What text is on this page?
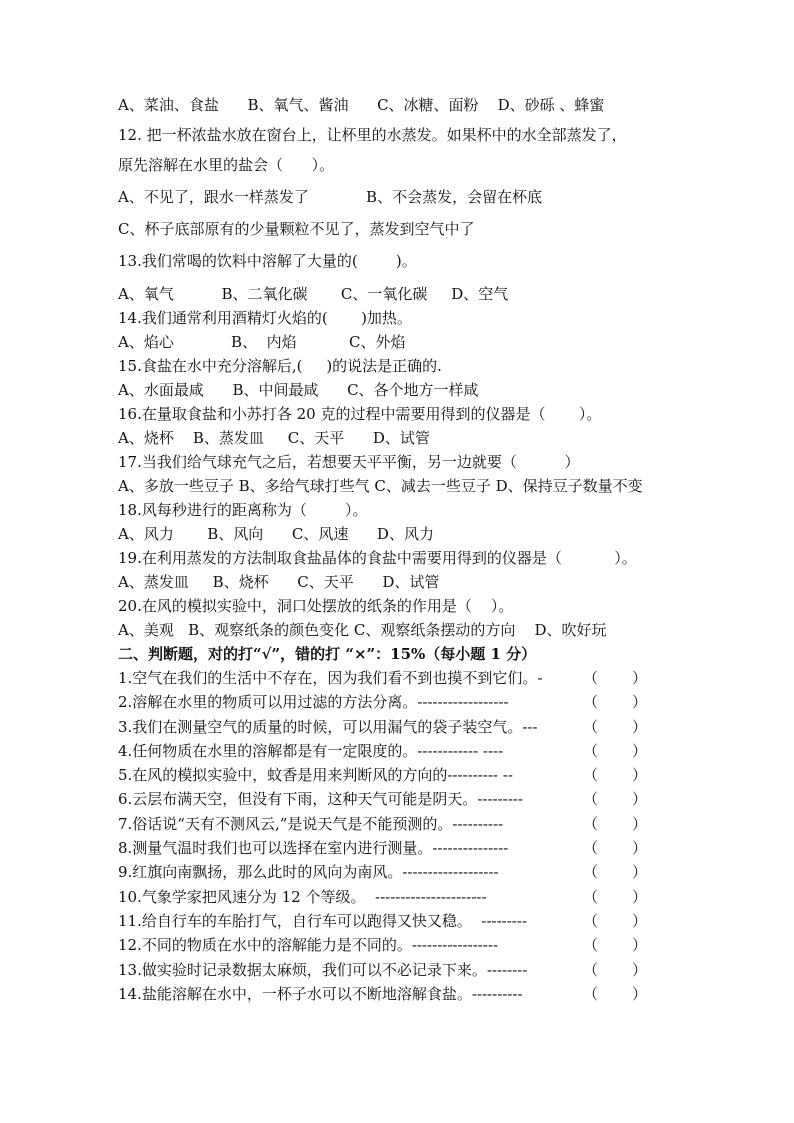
A、菜油、食盐      B、氧气、酱油      C、冰糖、面粉    D、砂砾 、蜂蜜
12. 把一杯浓盐水放在窗台上，让杯里的水蒸发。如果杯中的水全部蒸发了，
原先溶解在水里的盐会（      ）。
A、不见了，跟水一样蒸发了            B、不会蒸发，会留在杯底
C、杯子底部原有的少量颗粒不见了，蒸发到空气中了
13.我们常喝的饮料中溶解了大量的(        )。
A、氧气          B、二氧化碳       C、一氧化碳     D、空气
14.我们通常利用酒精灯火焰的(       )加热。
A、焰心            B、  内焰           C、外焰
15.食盐在水中充分溶解后,(     )的说法是正确的.
A、水面最咸      B、中间最咸      C、各个地方一样咸
16.在量取食盐和小苏打各 20 克的过程中需要用得到的仪器是（       ）。
A、烧杯    B、蒸发皿     C、天平      D、试管
17.当我们给气球充气之后，若想要天平平衡，另一边就要（          ）
A、多放一些豆子 B、多给气球打些气 C、减去一些豆子 D、保持豆子数量不变
18.风每秒进行的距离称为（        ）。
A、风力       B、风向      C、风速      D、风力
19.在利用蒸发的方法制取食盐晶体的食盐中需要用得到的仪器是（           ）。
A、蒸发皿     B、烧杯      C、天平      D、试管
20.在风的模拟实验中，洞口处摆放的纸条的作用是（    ）。
A、美观   B、观察纸条的颜色变化 C、观察纸条摆动的方向    D、吹好玩
二、判断题，对的打“√”，错的打 “×”：15%（每小题 1 分）
1.空气在我们的生活中不存在，因为我们看不到也摸不到它们。-	（ ）
2.溶解在水里的物质可以用过滤的方法分离。------------------	（ ）
3.我们在测量空气的质量的时候，可以用漏气的袋子装空气。---	（ ）
4.任何物质在水里的溶解都是有一定限度的。------------ ----	（ ）
5.在风的模拟实验中，蚊香是用来判断风的方向的---------- --	（ ）
6.云层布满天空，但没有下雨，这种天气可能是阴天。---------	（ ）
7.俗话说“天有不测风云,”是说天气是不能预测的。----------	（ ）
8.测量气温时我们也可以选择在室内进行测量。---------------	（ ）
9.红旗向南飘扬，那么此时的风向为南风。-------------------	（ ）
10.气象学家把风速分为 12 个等级。  ----------------------	（ ）
11.给自行车的车胎打气，自行车可以跑得又快又稳。  ---------	（ ）
12.不同的物质在水中的溶解能力是不同的。-----------------	（ ）
13.做实验时记录数据太麻烦，我们可以不必记录下来。--------	（ ）
14.盐能溶解在水中，一杯子水可以不断地溶解食盐。----------	（ ）
